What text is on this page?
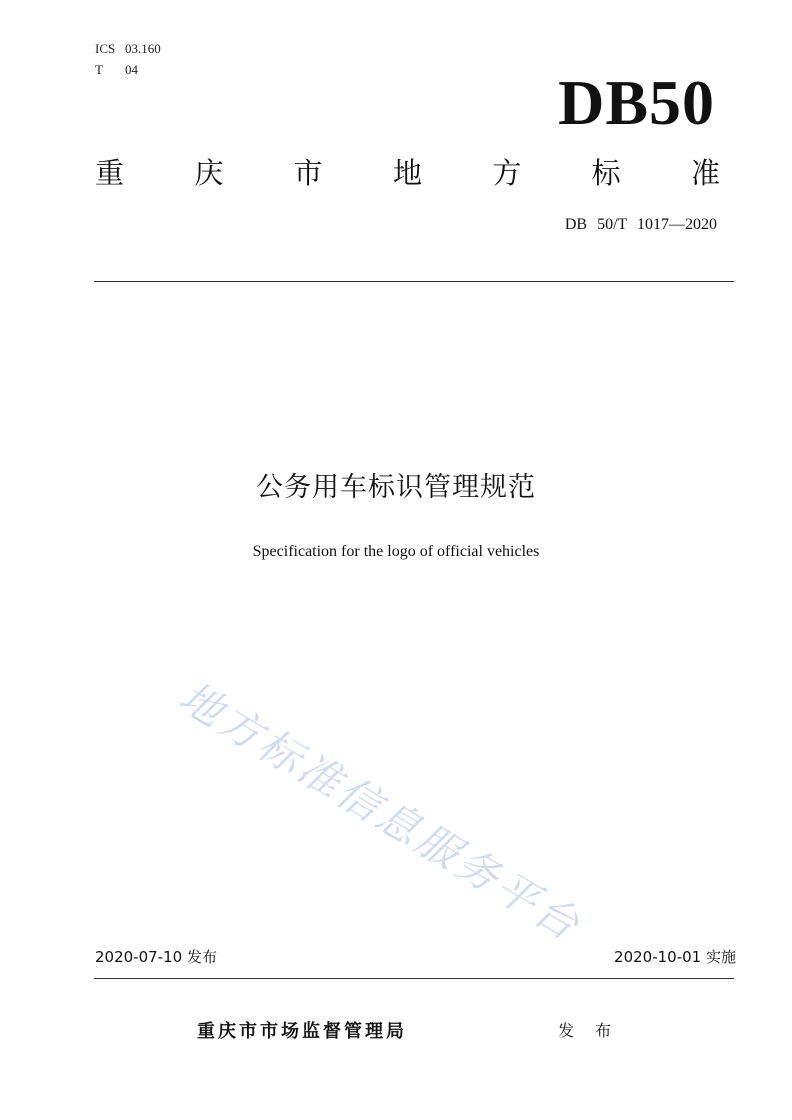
ICS 03.160
T 04	DB50
重 庆 市 地 方 标 准
DB 50/T 1017—2020
公务用车标识管理规范
Specification for the logo of official vehicles
地方标准信息服务平台
2020-07-10 发布	2020-10-01 实施
重庆市市场监督管理局	发 布
